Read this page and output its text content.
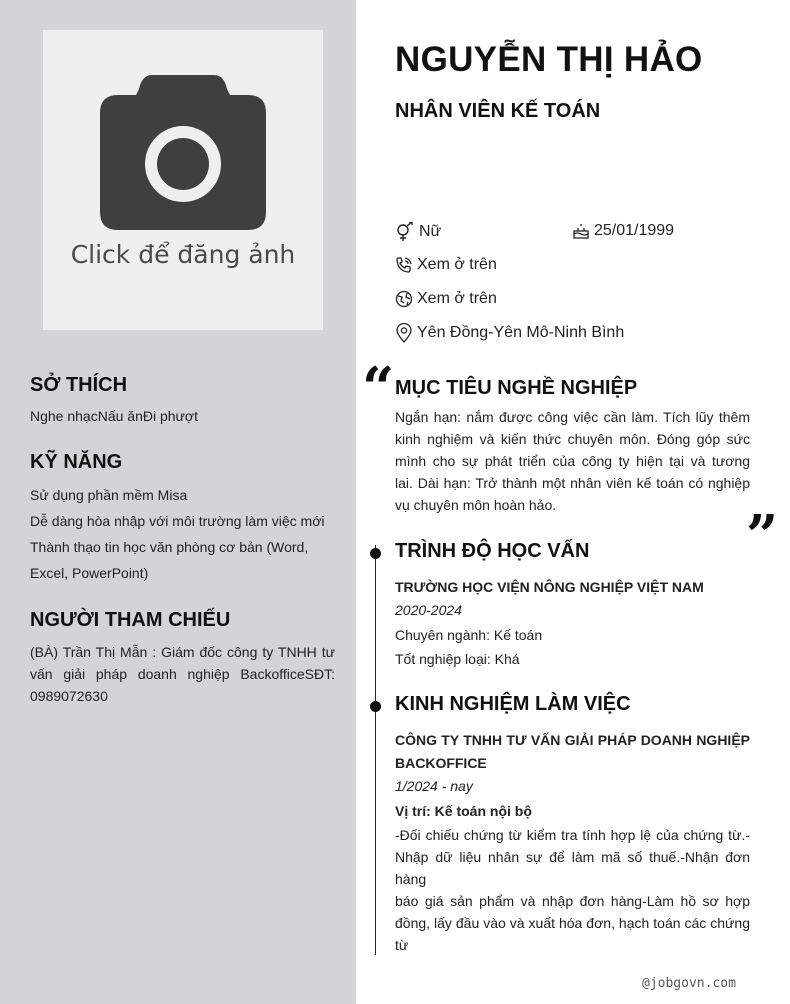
Click để đăng ảnh
SỞ THÍCH
Nghe nhạcNấu ănĐi phượt
KỸ NĂNG
Sử dụng phần mềm Misa
Dễ dàng hòa nhập với môi trường làm việc mới
Thành thạo tin học văn phòng cơ bản (Word,
Excel, PowerPoint)
NGƯỜI THAM CHIẾU
(BÀ) Trần Thị Mẫn : Giám đốc công ty TNHH tư
vấn giải pháp doanh nghiệp BackofficeSĐT:
0989072630
NGUYỄN THỊ HẢO
NHÂN VIÊN KẾ TOÁN
Nữ	25/01/1999
Xem ở trên
Xem ở trên
Yên Đồng-Yên Mô-Ninh Bình
“ MỤC TIÊU NGHỀ NGHIỆP
Ngắn hạn: nắm được công việc cần làm. Tích lũy thêm
kinh nghiệm và kiến thức chuyên môn. Đóng góp sức
mình cho sự phát triển của công ty hiện tại và tương
lai. Dài hạn: Trở thành một nhân viên kế toán có nghiệp
vụ chuyên môn hoàn hảo.	”
TRÌNH ĐỘ HỌC VẤN
TRƯỜNG HỌC VIỆN NÔNG NGHIỆP VIỆT NAM
2020-2024
Chuyên ngành: Kế toán
Tốt nghiệp loại: Khá
KINH NGHIỆM LÀM VIỆC
CÔNG TY TNHH TƯ VẤN GIẢI PHÁP DOANH NGHIỆP
BACKOFFICE
1/2024 - nay
Vị trí: Kế toán nội bộ
-Đối chiếu chứng từ kiểm tra tính hợp lệ của chứng từ.-
Nhập dữ liệu nhân sự để làm mã số thuế.-Nhận đơn hàng
báo giá sản phẩm và nhập đơn hàng-Làm hồ sơ hợp
đồng, lấy đầu vào và xuất hóa đơn, hạch toán các chứng
từ
@jobgovn.com
